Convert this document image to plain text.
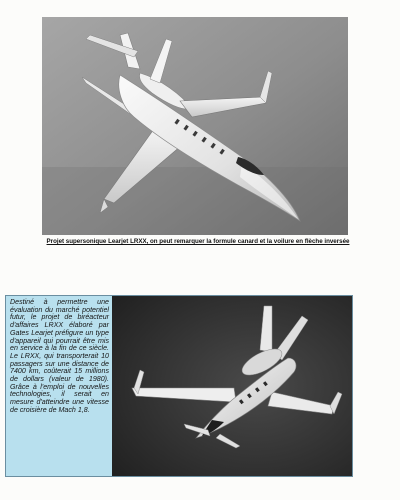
Projet supersonique Learjet LRXX, on peut remarquer la formule canard et la voilure en flèche inversée

Destiné à permettre une évaluation du marché potentiel futur, le projet de biréacteur d'affaires LRXX élaboré par Gates Learjet préfigure un type d'appareil qui pourrait être mis en service à la fin de ce siècle. Le LRXX, qui transporterait 10 passagers sur une distance de 7400 km, coûterait 15 millions de dollars (valeur de 1980). Grâce à l'emploi de nouvelles technologies, il serait en mesure d'atteindre une vitesse de croisière de Mach 1,8.
